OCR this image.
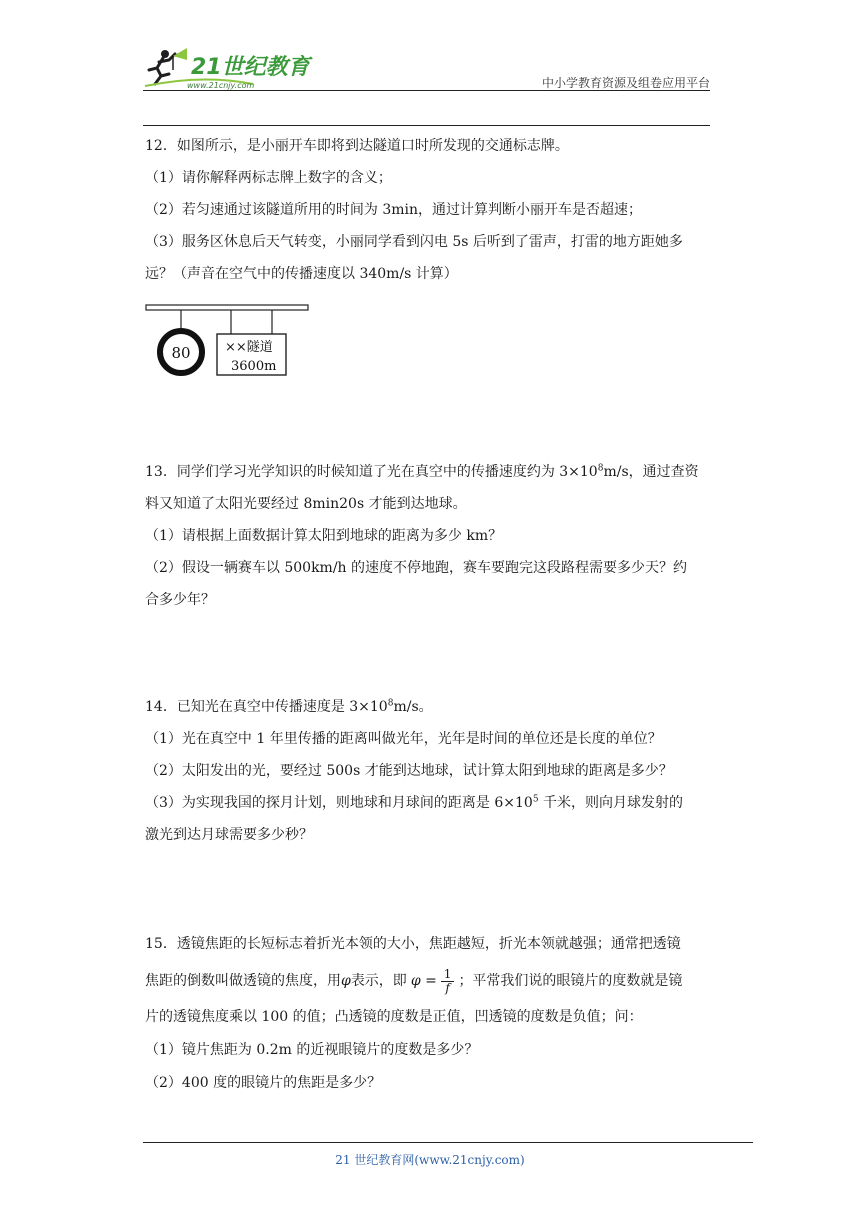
21世纪教育
www.21cnjy.com	中小学教育资源及组卷应用平台
12．如图所示，是小丽开车即将到达隧道口时所发现的交通标志牌。
（1）请你解释两标志牌上数字的含义；
（2）若匀速通过该隧道所用的时间为 3min，通过计算判断小丽开车是否超速；
（3）服务区休息后天气转变，小丽同学看到闪电 5s 后听到了雷声，打雷的地方距她多
远？（声音在空气中的传播速度以 340m/s 计算）
80	××隧道
3600m
13．同学们学习光学知识的时候知道了光在真空中的传播速度约为 $3\times 10^8m/s$，通过查资
料又知道了太阳光要经过 8min20s 才能到达地球。
（1）请根据上面数据计算太阳到地球的距离为多少 km？
（2）假设一辆赛车以 500km/h 的速度不停地跑，赛车要跑完这段路程需要多少天？约
合多少年？
14．已知光在真空中传播速度是 $3\times 10^8m/s$。
（1）光在真空中 1 年里传播的距离叫做光年，光年是时间的单位还是长度的单位？
（2）太阳发出的光，要经过 500s 才能到达地球，试计算太阳到地球的距离是多少？
（3）为实现我国的探月计划，则地球和月球间的距离是 $6\times 10^5$ 千米，则向月球发射的
激光到达月球需要多少秒？
15．透镜焦距的长短标志着折光本领的大小，焦距越短，折光本领就越强；通常把透镜
焦距的倒数叫做透镜的焦度，用φ表示，即 $\varphi = \frac{1}{f}$ ；平常我们说的眼镜片的度数就是镜
片的透镜焦度乘以 100 的值；凸透镜的度数是正值，凹透镜的度数是负值；问：
（1）镜片焦距为 0.2m 的近视眼镜片的度数是多少？
（2）400 度的眼镜片的焦距是多少？
21 世纪教育网(www.21cnjy.com)
